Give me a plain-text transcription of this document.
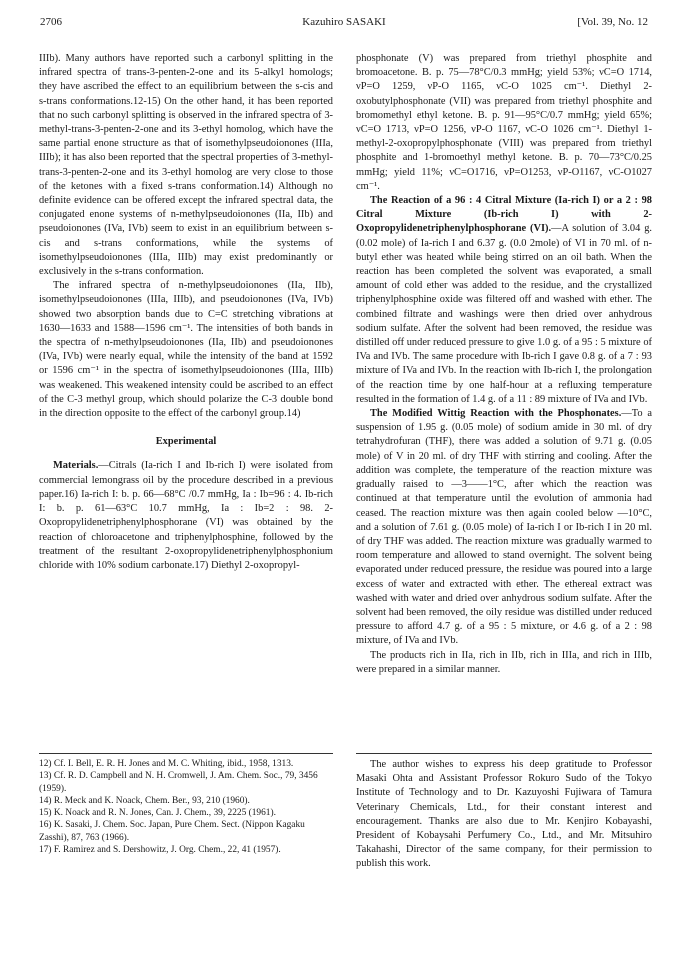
2706	Kazuhiro SASAKI	[Vol. 39, No. 12

IIIb). Many authors have reported such a carbonyl splitting in the infrared spectra of trans-3-penten-2-one and its 5-alkyl homologs; they have ascribed the effect to an equilibrium between the s-cis and s-trans conformations.12-15) On the other hand, it has been reported that no such carbonyl splitting is observed in the infrared spectra of 3-methyl-trans-3-penten-2-one and its 3-ethyl homolog, which have the same partial enone structure as that of isomethylpseudoionones (IIIa, IIIb); it has also been reported that the spectral properties of 3-methyl-trans-3-penten-2-one and its 3-ethyl homolog are very close to those of the ketones with a fixed s-trans conformation.14) Although no definite evidence can be offered except the infrared spectral data, the conjugated enone systems of n-methylpseudoionones (IIa, IIb) and pseudoionones (IVa, IVb) seem to exist in an equilibrium between s-cis and s-trans conformations, while the systems of isomethylpseudoionones (IIIa, IIIb) may exist predominantly or exclusively in the s-trans conformation.

The infrared spectra of n-methylpseudoionones (IIa, IIb), isomethylpseudoionones (IIIa, IIIb), and pseudoionones (IVa, IVb) showed two absorption bands due to C=C stretching vibrations at 1630—1633 and 1588—1596 cm⁻¹. The intensities of both bands in the spectra of n-methylpseudoionones (IIa, IIb) and pseudoionones (IVa, IVb) were nearly equal, while the intensity of the band at 1592 or 1596 cm⁻¹ in the spectra of isomethylpseudoionones (IIIa, IIIb) was weakened. This weakened intensity could be ascribed to an effect of the C-3 methyl group, which should polarize the C-3 double bond in the direction opposite to the effect of the carbonyl group.14)

Experimental

Materials.—Citrals (Ia-rich I and Ib-rich I) were isolated from commercial lemongrass oil by the procedure described in a previous paper.16) Ia-rich I: b. p. 66—68°C /0.7 mmHg, Ia : Ib=96 : 4. Ib-rich I: b. p. 61—63°C 10.7 mmHg, Ia : Ib=2 : 98. 2-Oxopropylidenetriphenylphosphorane (VI) was obtained by the reaction of chloroacetone and triphenylphosphine, followed by the treatment of the resultant 2-oxopropylidenetriphenylphosphonium chloride with 10% sodium carbonate.17) Diethyl 2-oxopropyl-

phosphonate (V) was prepared from triethyl phosphite and bromoacetone. B. p. 75—78°C/0.3 mmHg; yield 53%; νC=O 1714, νP=O 1259, νP-O 1165, νC-O 1025 cm⁻¹. Diethyl 2-oxobutylphosphonate (VII) was prepared from triethyl phosphite and bromomethyl ethyl ketone. B. p. 91—95°C/0.7 mmHg; yield 65%; νC=O 1713, νP=O 1256, νP-O 1167, νC-O 1026 cm⁻¹. Diethyl 1-methyl-2-oxopropylphosphonate (VIII) was prepared from triethyl phosphite and 1-bromoethyl methyl ketone. B. p. 70—73°C/0.25 mmHg; yield 11%; νC=O1716, νP=O1253, νP-O1167, νC-O1027 cm⁻¹.

The Reaction of a 96 : 4 Citral Mixture (Ia-rich I) or a 2 : 98 Citral Mixture (Ib-rich I) with 2-Oxopropylidenetriphenylphosphorane (VI).—A solution of 3.04 g. (0.02 mole) of Ia-rich I and 6.37 g. (0.0 2mole) of VI in 70 ml. of n-butyl ether was heated while being stirred on an oil bath. When the reaction has been completed the solvent was evaporated, a small amount of cold ether was added to the residue, and the crystallized triphenylphosphine oxide was filtered off and washed with ether. The combined filtrate and washings were then dried over anhydrous sodium sulfate. After the solvent had been removed, the residue was distilled off under reduced pressure to give 1.0 g. of a 95 : 5 mixture of IVa and IVb. The same procedure with Ib-rich I gave 0.8 g. of a 7 : 93 mixture of IVa and IVb. In the reaction with Ib-rich I, the prolongation of the reaction time by one half-hour at a refluxing temperature resulted in the formation of 1.4 g. of a 11 : 89 mixture of IVa and IVb.

The Modified Wittig Reaction with the Phosphonates.—To a suspension of 1.95 g. (0.05 mole) of sodium amide in 30 ml. of dry tetrahydrofuran (THF), there was added a solution of 9.71 g. (0.05 mole) of V in 20 ml. of dry THF with stirring and cooling. After the addition was complete, the temperature of the reaction mixture was gradually raised to —3——1°C, after which the reaction was continued at that temperature until the evolution of ammonia had ceased. The reaction mixture was then again cooled below —10°C, and a solution of 7.61 g. (0.05 mole) of Ia-rich I or Ib-rich I in 20 ml. of dry THF was added. The reaction mixture was gradually warmed to room temperature and allowed to stand overnight. The solvent being evaporated under reduced pressure, the residue was poured into a large excess of water and extracted with ether. The ethereal extract was washed with water and dried over anhydrous sodium sulfate. After the solvent had been removed, the oily residue was distilled under reduced pressure to afford 4.7 g. of a 95 : 5 mixture, or 4.6 g. of a 2 : 98 mixture, of IVa and IVb.

The products rich in IIa, rich in IIb, rich in IIIa, and rich in IIIb, were prepared in a similar manner.

12) Cf. I. Bell, E. R. H. Jones and M. C. Whiting, ibid., 1958, 1313.

13) Cf. R. D. Campbell and N. H. Cromwell, J. Am. Chem. Soc., 79, 3456 (1959).

14) R. Meck and K. Noack, Chem. Ber., 93, 210 (1960).

15) K. Noack and R. N. Jones, Can. J. Chem., 39, 2225 (1961).

16) K. Sasaki, J. Chem. Soc. Japan, Pure Chem. Sect. (Nippon Kagaku Zasshi), 87, 763 (1966).

17) F. Ramirez and S. Dershowitz, J. Org. Chem., 22, 41 (1957).

The author wishes to express his deep gratitude to Professor Masaki Ohta and Assistant Professor Rokuro Sudo of the Tokyo Institute of Technology and to Dr. Kazuyoshi Fujiwara of Tamura Veterinary Chemicals, Ltd., for their constant interest and encouragement. Thanks are also due to Mr. Kenjiro Kobayashi, President of Kobaysahi Perfumery Co., Ltd., and Mr. Mitsuhiro Takahashi, Director of the same company, for their permission to publish this work.
